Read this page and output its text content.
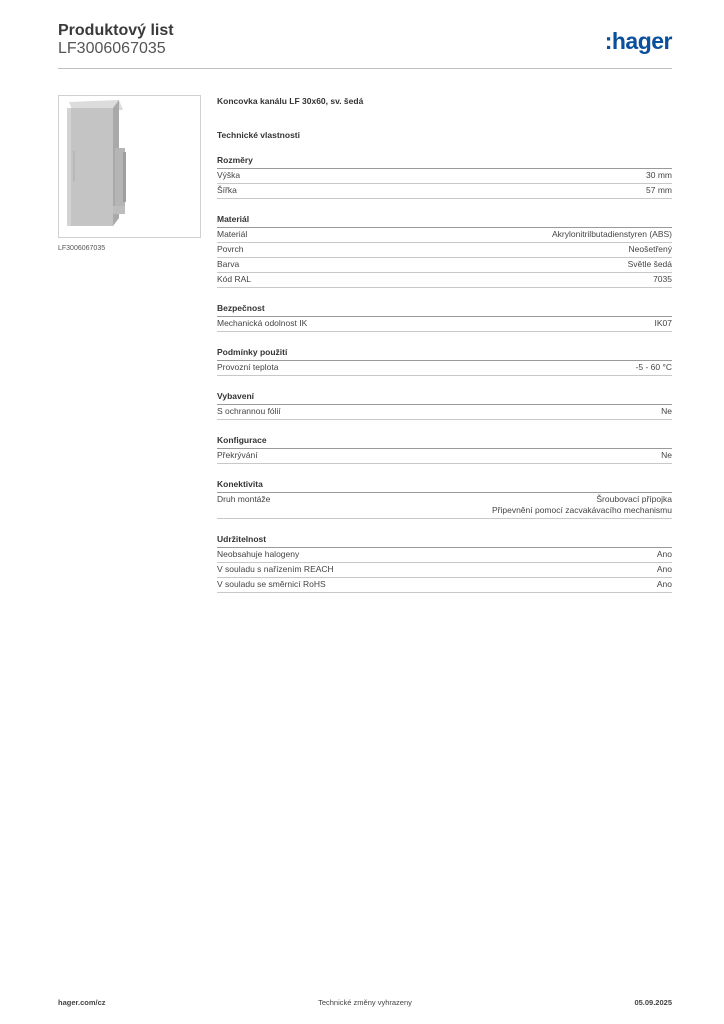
Produktový list
LF3006067035	:hager
LF3006067035
Koncovka kanálu LF 30x60, sv. šedá
Technické vlastnosti
Rozměry
Výška	30 mm
Šířka	57 mm
Materiál
Materiál	Akrylonitrilbutadienstyren (ABS)
Povrch	Neošetřený
Barva	Světle šedá
Kód RAL	7035
Bezpečnost
Mechanická odolnost IK	IK07
Podmínky použití
Provozní teplota	-5 - 60 °C
Vybavení
S ochrannou fólií	Ne
Konfigurace
Překrývání	Ne
Konektivita
Druh montáže	Šroubovací přípojka
Připevnění pomocí zacvakávacího mechanismu
Udržitelnost
Neobsahuje halogeny	Ano
V souladu s nařízením REACH	Ano
V souladu se směrnicí RoHS	Ano
hager.com/cz	Technické změny vyhrazeny	05.09.2025
